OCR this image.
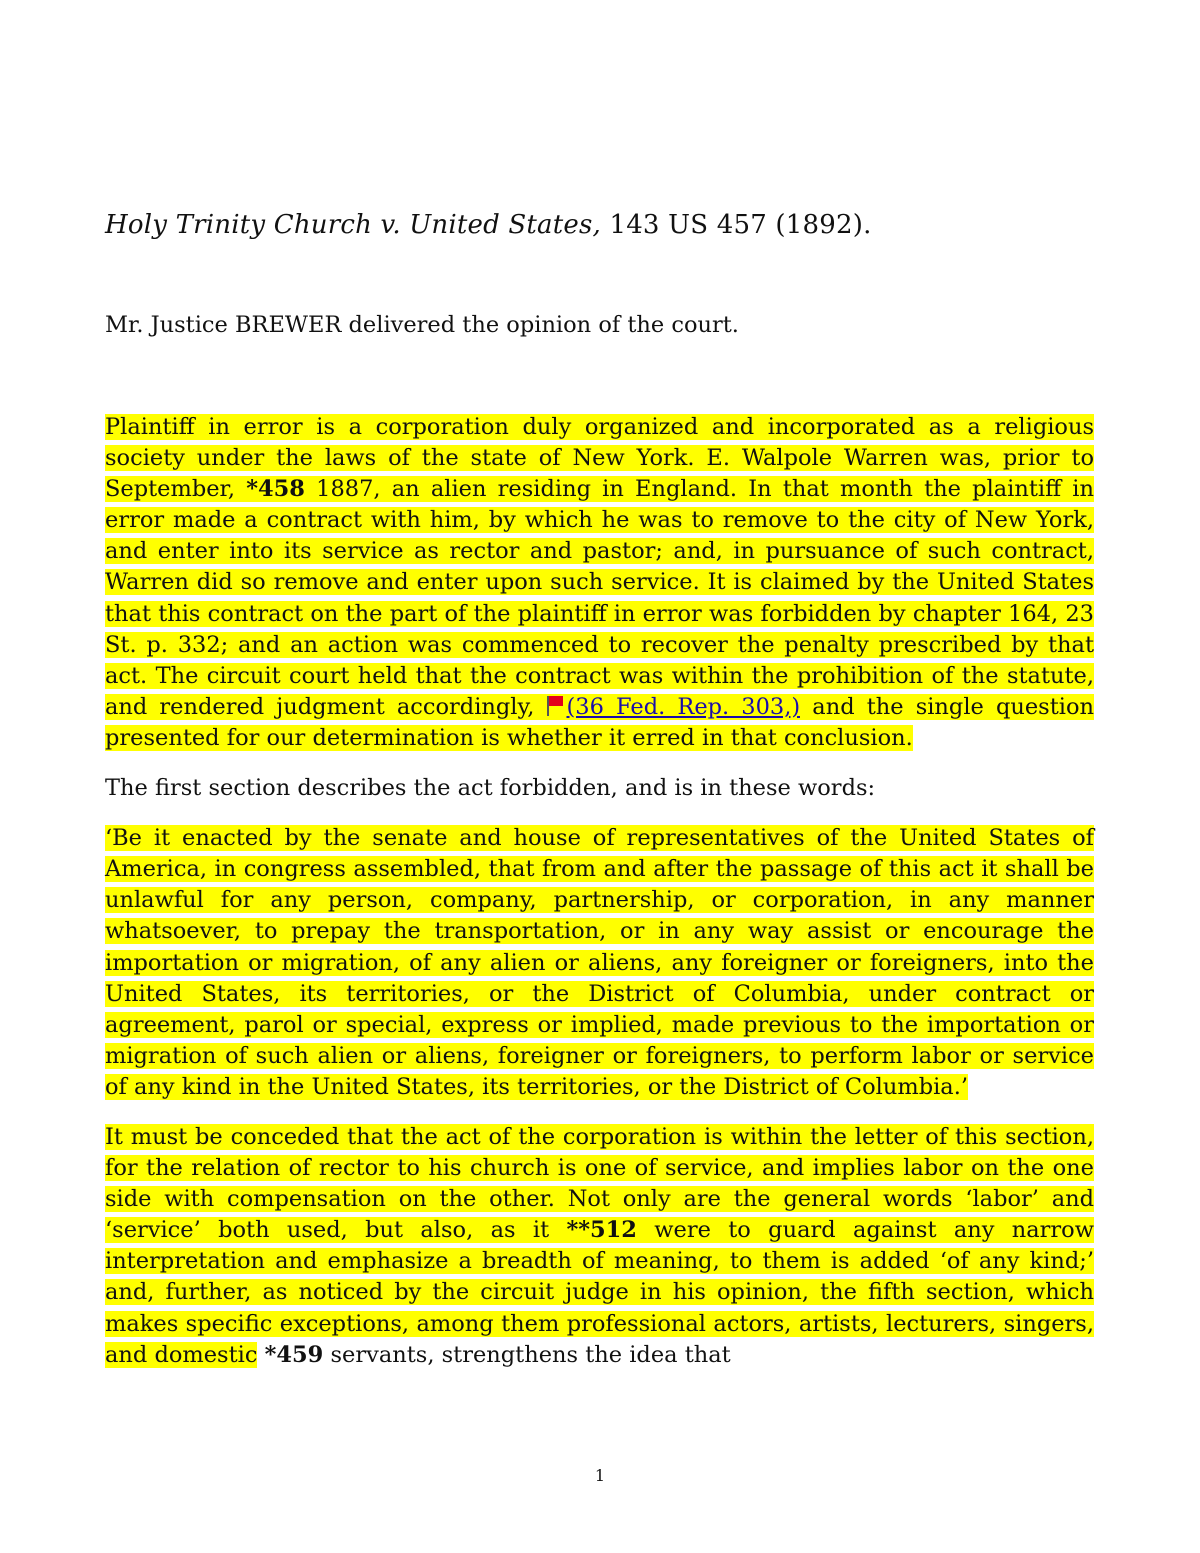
Holy Trinity Church v. United States, 143 US 457 (1892).
Mr. Justice BREWER delivered the opinion of the court.

Plaintiff in error is a corporation duly organized and incorporated as a religious society under the laws of the state of New York. E. Walpole Warren was, prior to September, *458 1887, an alien residing in England. In that month the plaintiff in error made a contract with him, by which he was to remove to the city of New York, and enter into its service as rector and pastor; and, in pursuance of such contract, Warren did so remove and enter upon such service. It is claimed by the United States that this contract on the part of the plaintiff in error was forbidden by chapter 164, 23 St. p. 332; and an action was commenced to recover the penalty prescribed by that act. The circuit court held that the contract was within the prohibition of the statute, and rendered judgment accordingly, (36 Fed. Rep. 303,) and the single question presented for our determination is whether it erred in that conclusion.

The first section describes the act forbidden, and is in these words:

‘Be it enacted by the senate and house of representatives of the United States of America, in congress assembled, that from and after the passage of this act it shall be unlawful for any person, company, partnership, or corporation, in any manner whatsoever, to prepay the transportation, or in any way assist or encourage the importation or migration, of any alien or aliens, any foreigner or foreigners, into the United States, its territories, or the District of Columbia, under contract or agreement, parol or special, express or implied, made previous to the importation or migration of such alien or aliens, foreigner or foreigners, to perform labor or service of any kind in the United States, its territories, or the District of Columbia.’

It must be conceded that the act of the corporation is within the letter of this section, for the relation of rector to his church is one of service, and implies labor on the one side with compensation on the other. Not only are the general words ‘labor’ and ‘service’ both used, but also, as it **512 were to guard against any narrow interpretation and emphasize a breadth of meaning, to them is added ‘of any kind;’ and, further, as noticed by the circuit judge in his opinion, the fifth section, which makes specific exceptions, among them professional actors, artists, lecturers, singers, and domestic *459 servants, strengthens the idea that

1
